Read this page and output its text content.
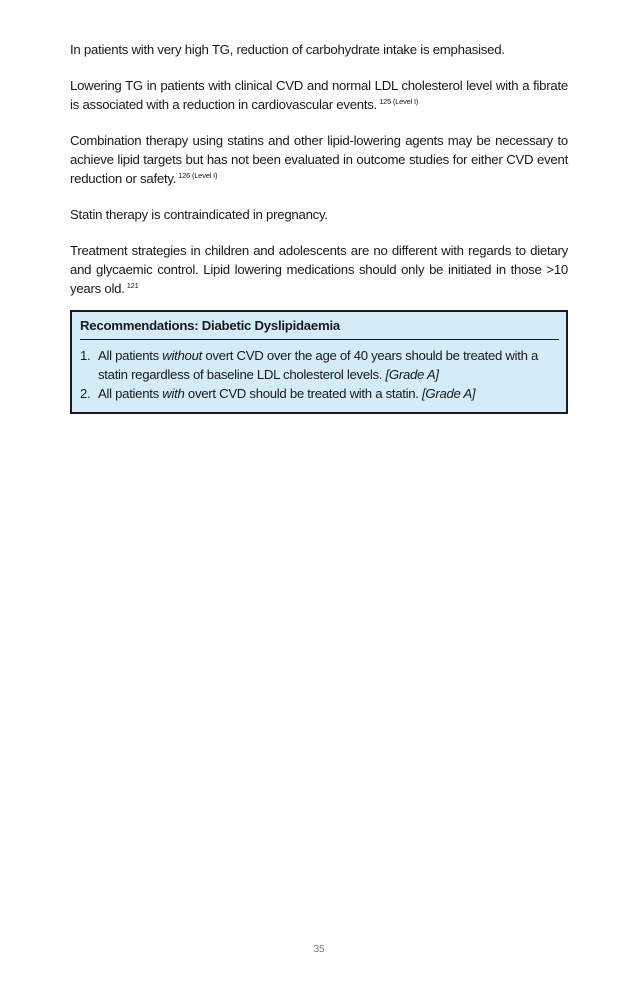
In patients with very high TG, reduction of carbohydrate intake is emphasised.

Lowering TG in patients with clinical CVD and normal LDL cholesterol level with a fibrate is associated with a reduction in cardiovascular events. $^{125 (Level I)}$

Combination therapy using statins and other lipid-lowering agents may be necessary to achieve lipid targets but has not been evaluated in outcome studies for either CVD event reduction or safety. $^{126 (Level I)}$

Statin therapy is contraindicated in pregnancy.

Treatment strategies in children and adolescents are no different with regards to dietary and glycaemic control. Lipid lowering medications should only be initiated in those >10 years old. $^{121}$

Recommendations: Diabetic Dyslipidaemia
1. All patients without overt CVD over the age of 40 years should be treated with a statin regardless of baseline LDL cholesterol levels. [Grade A]
2. All patients with overt CVD should be treated with a statin. [Grade A]
35
